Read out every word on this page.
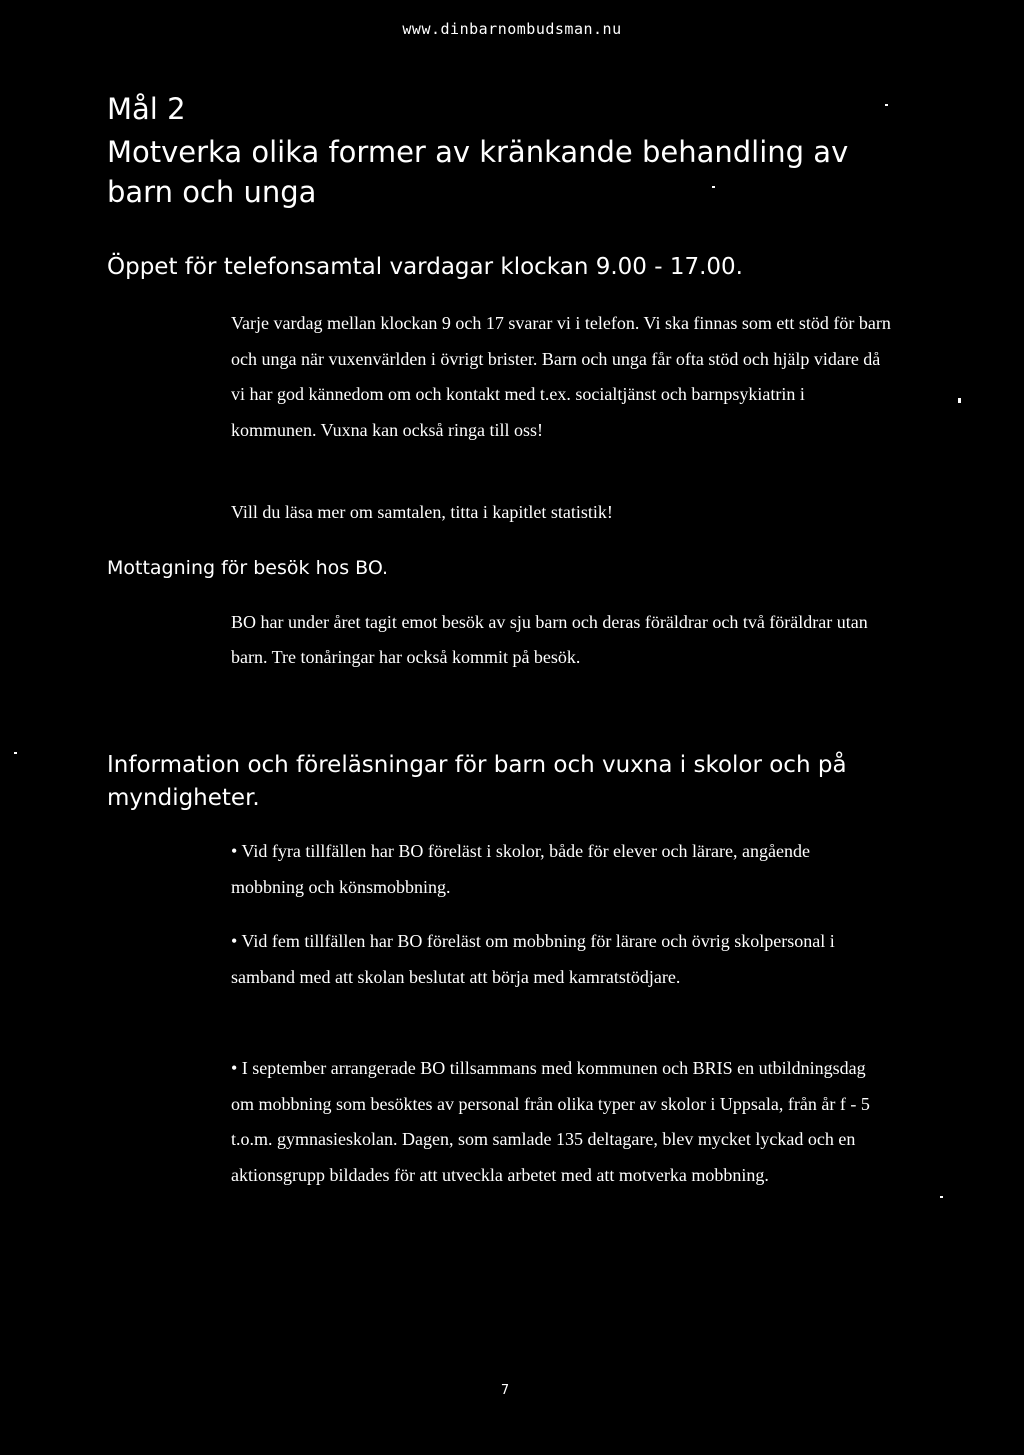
www.dinbarnombudsman.nu
Mål 2
Motverka olika former av kränkande behandling av barn och unga
Öppet för telefonsamtal vardagar klockan 9.00 - 17.00.
Varje vardag mellan klockan 9 och 17 svarar vi i telefon. Vi ska finnas som ett stöd för barn och unga när vuxenvärlden i övrigt brister. Barn och unga får ofta stöd och hjälp vidare då vi har god kännedom om och kontakt med t.ex. socialtjänst och barnpsykiatrin i kommunen. Vuxna kan också ringa till oss!
Vill du läsa mer om samtalen, titta i kapitlet statistik!
Mottagning för besök hos BO.
BO har under året tagit emot besök av sju barn och deras föräldrar och två föräldrar utan barn. Tre tonåringar har också kommit på besök.
Information och föreläsningar för barn och vuxna i skolor och på myndigheter.
• Vid fyra tillfällen har BO föreläst i skolor, både för elever och lärare, angående mobbning och könsmobbning.
• Vid fem tillfällen har BO föreläst om mobbning för lärare och övrig skolpersonal i samband med att skolan beslutat att börja med kamratstödjare.
• I september arrangerade BO tillsammans med kommunen och BRIS en utbildningsdag om mobbning som besöktes av personal från olika typer av skolor i Uppsala, från år f - 5 t.o.m. gymnasieskolan. Dagen, som samlade 135 deltagare, blev mycket lyckad och en aktionsgrupp bildades för att utveckla arbetet med att motverka mobbning.
7
